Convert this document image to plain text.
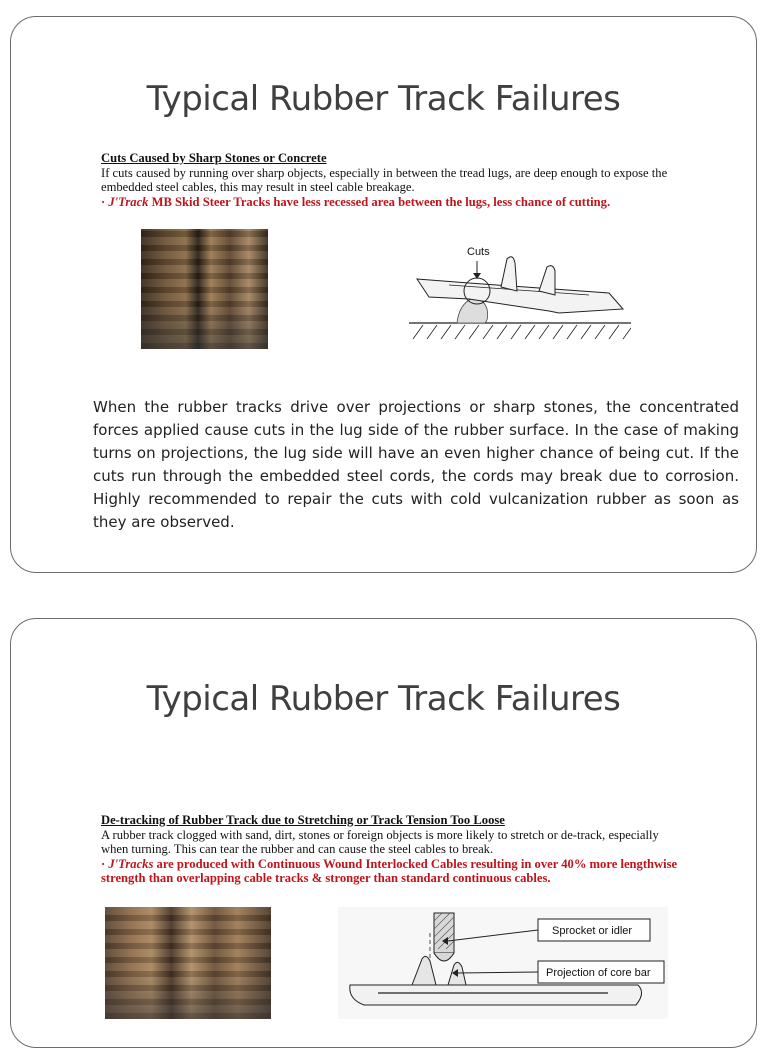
Typical Rubber Track Failures
Cuts Caused by Sharp Stones or Concrete
If cuts caused by running over sharp objects, especially in between the tread lugs, are deep enough to expose the embedded steel cables, this may result in steel cable breakage.
· J'Track MB Skid Steer Tracks have less recessed area between the lugs, less chance of cutting.
Cuts
When the rubber tracks drive over projections or sharp stones, the concentrated forces applied cause cuts in the lug side of the rubber surface. In the case of making turns on projections, the lug side will have an even higher chance of being cut. If the cuts run through the embedded steel cords, the cords may break due to corrosion. Highly recommended to repair the cuts with cold vulcanization rubber as soon as they are observed.
Typical Rubber Track Failures
De-tracking of Rubber Track due to Stretching or Track Tension Too Loose
A rubber track clogged with sand, dirt, stones or foreign objects is more likely to stretch or de-track, especially when turning. This can tear the rubber and can cause the steel cables to break.
· J'Tracks are produced with Continuous Wound Interlocked Cables resulting in over 40% more lengthwise strength than overlapping cable tracks & stronger than standard continuous cables.
Sprocket or idler
Projection of core bar
